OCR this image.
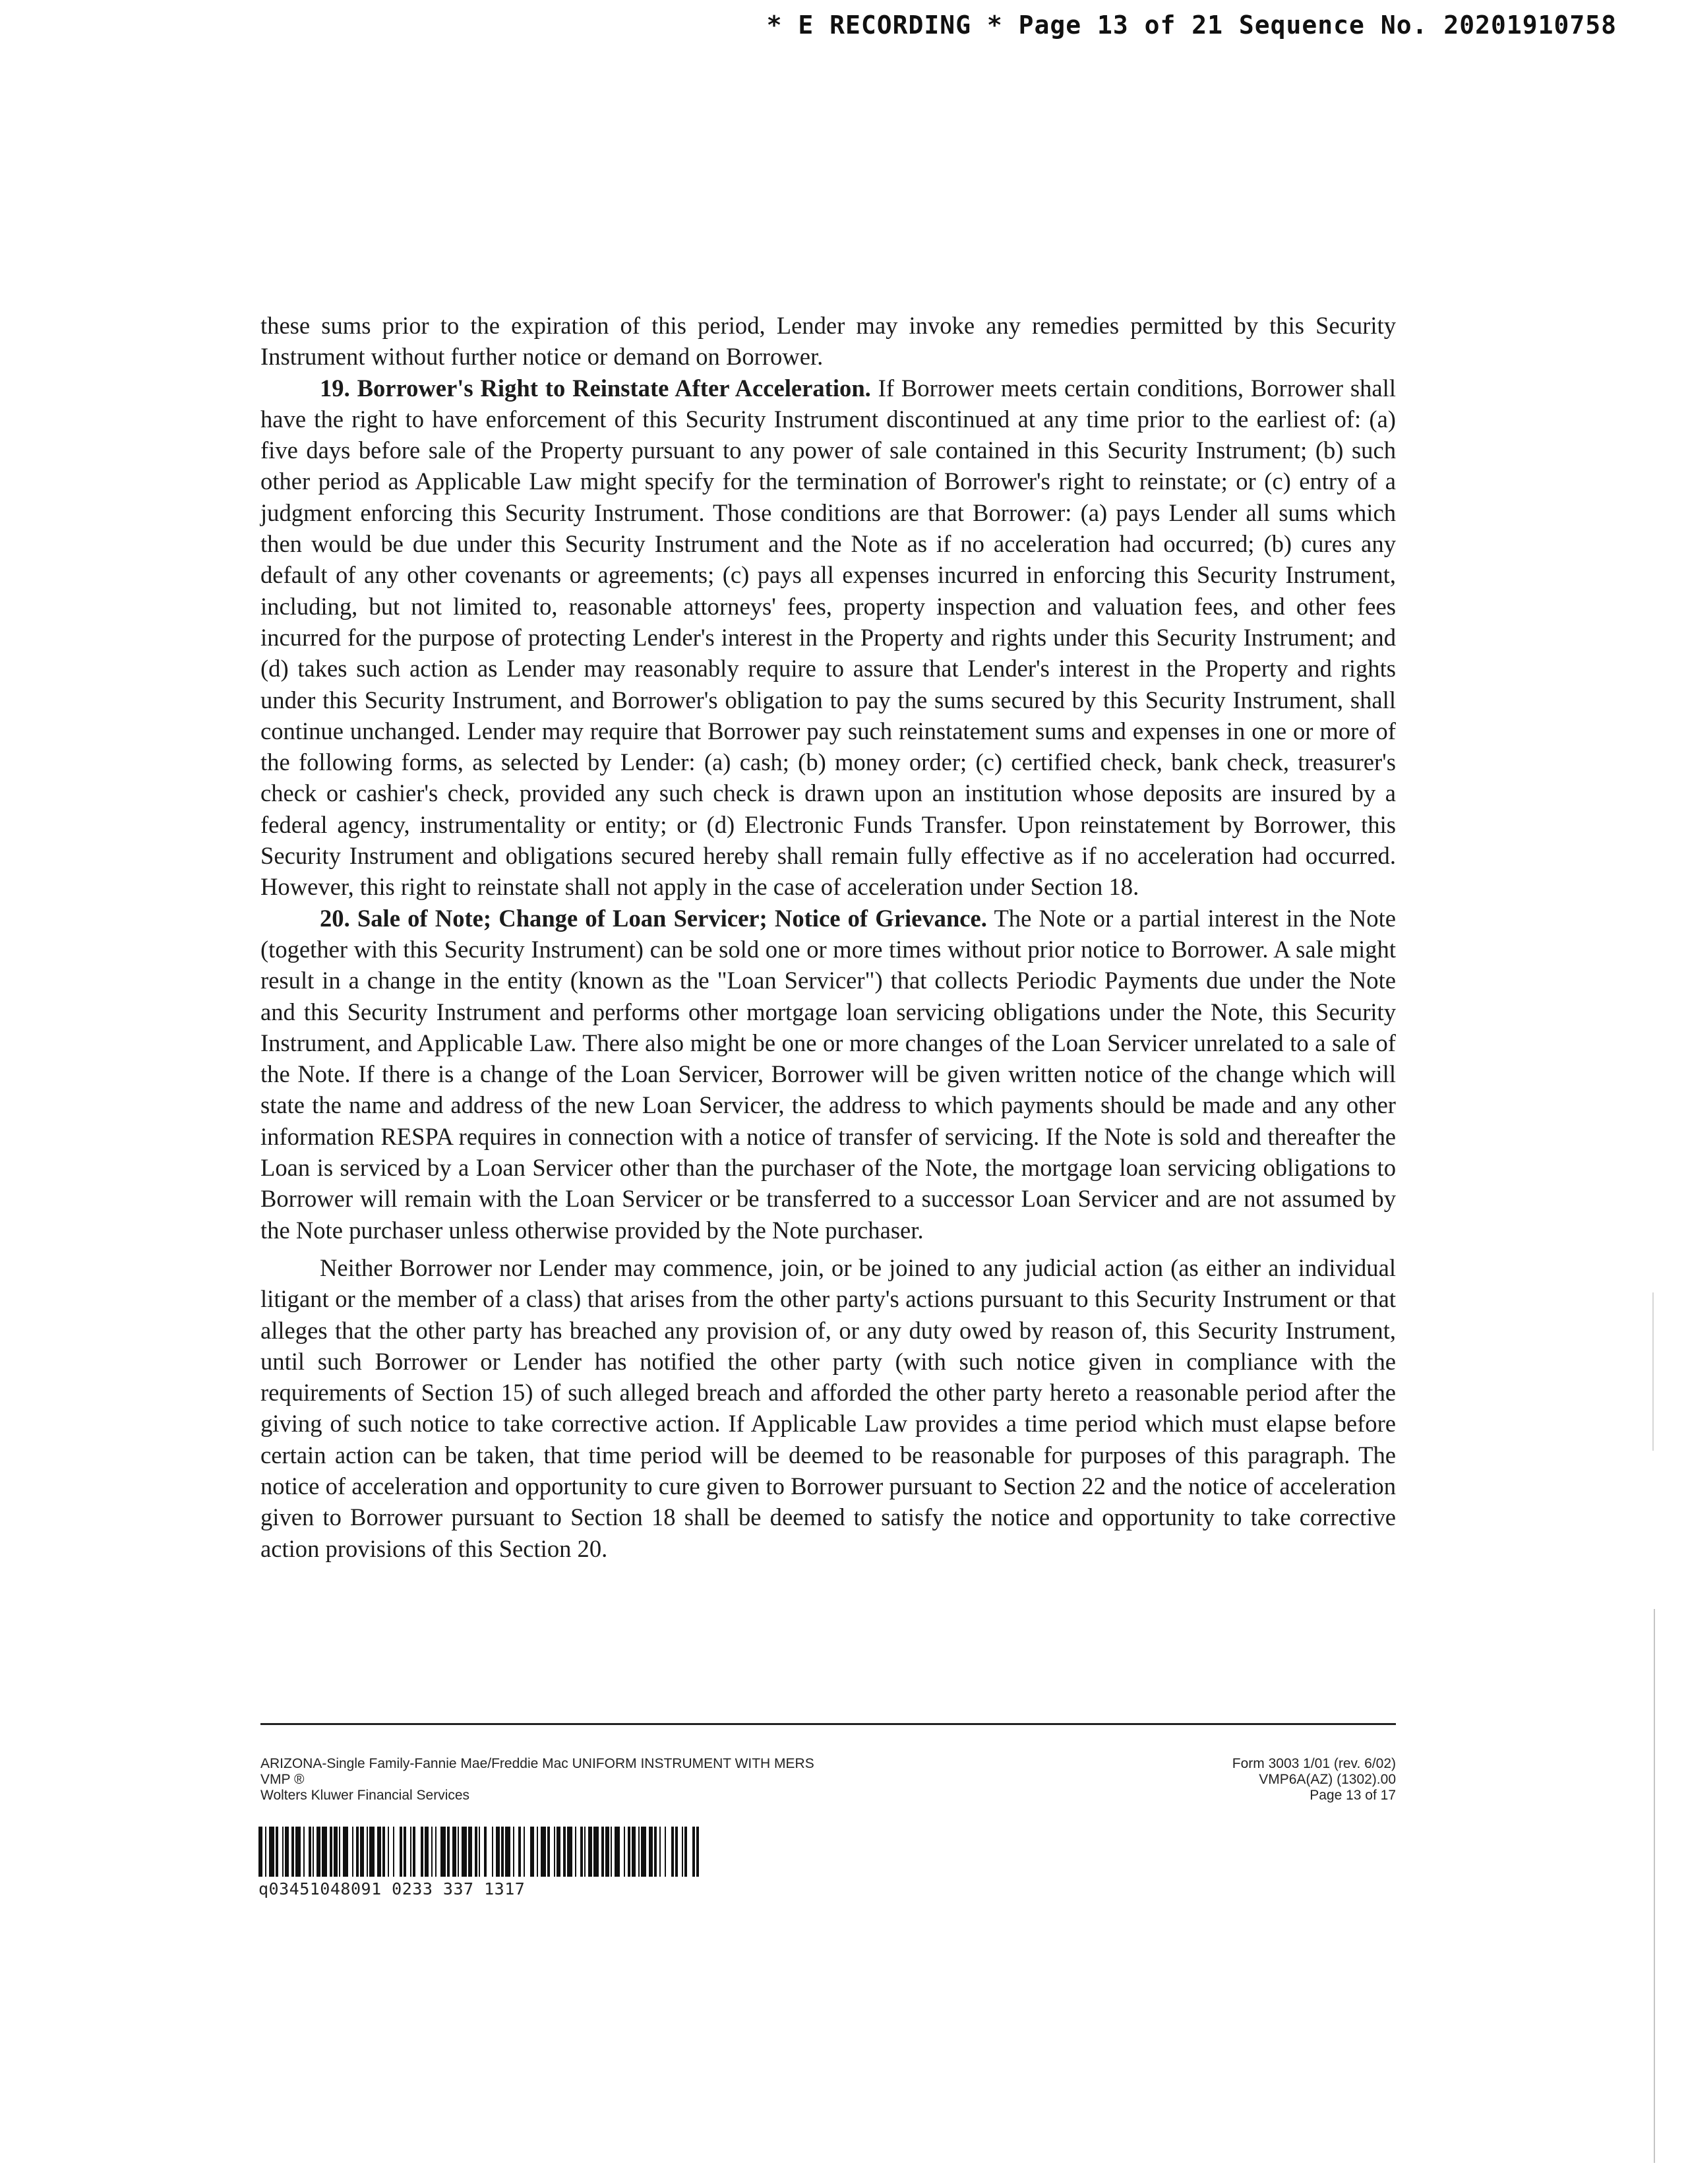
* E RECORDING * Page 13 of 21 Sequence No. 20201910758

these sums prior to the expiration of this period, Lender may invoke any remedies permitted by this Security Instrument without further notice or demand on Borrower.

19. Borrower's Right to Reinstate After Acceleration. If Borrower meets certain conditions, Borrower shall have the right to have enforcement of this Security Instrument discontinued at any time prior to the earliest of: (a) five days before sale of the Property pursuant to any power of sale contained in this Security Instrument; (b) such other period as Applicable Law might specify for the termination of Borrower's right to reinstate; or (c) entry of a judgment enforcing this Security Instrument. Those conditions are that Borrower: (a) pays Lender all sums which then would be due under this Security Instrument and the Note as if no acceleration had occurred; (b) cures any default of any other covenants or agreements; (c) pays all expenses incurred in enforcing this Security Instrument, including, but not limited to, reasonable attorneys' fees, property inspection and valuation fees, and other fees incurred for the purpose of protecting Lender's interest in the Property and rights under this Security Instrument; and (d) takes such action as Lender may reasonably require to assure that Lender's interest in the Property and rights under this Security Instrument, and Borrower's obligation to pay the sums secured by this Security Instrument, shall continue unchanged. Lender may require that Borrower pay such reinstatement sums and expenses in one or more of the following forms, as selected by Lender: (a) cash; (b) money order; (c) certified check, bank check, treasurer's check or cashier's check, provided any such check is drawn upon an institution whose deposits are insured by a federal agency, instrumentality or entity; or (d) Electronic Funds Transfer. Upon reinstatement by Borrower, this Security Instrument and obligations secured hereby shall remain fully effective as if no acceleration had occurred. However, this right to reinstate shall not apply in the case of acceleration under Section 18.

20. Sale of Note; Change of Loan Servicer; Notice of Grievance. The Note or a partial interest in the Note (together with this Security Instrument) can be sold one or more times without prior notice to Borrower. A sale might result in a change in the entity (known as the "Loan Servicer") that collects Periodic Payments due under the Note and this Security Instrument and performs other mortgage loan servicing obligations under the Note, this Security Instrument, and Applicable Law. There also might be one or more changes of the Loan Servicer unrelated to a sale of the Note. If there is a change of the Loan Servicer, Borrower will be given written notice of the change which will state the name and address of the new Loan Servicer, the address to which payments should be made and any other information RESPA requires in connection with a notice of transfer of servicing. If the Note is sold and thereafter the Loan is serviced by a Loan Servicer other than the purchaser of the Note, the mortgage loan servicing obligations to Borrower will remain with the Loan Servicer or be transferred to a successor Loan Servicer and are not assumed by the Note purchaser unless otherwise provided by the Note purchaser.

Neither Borrower nor Lender may commence, join, or be joined to any judicial action (as either an individual litigant or the member of a class) that arises from the other party's actions pursuant to this Security Instrument or that alleges that the other party has breached any provision of, or any duty owed by reason of, this Security Instrument, until such Borrower or Lender has notified the other party (with such notice given in compliance with the requirements of Section 15) of such alleged breach and afforded the other party hereto a reasonable period after the giving of such notice to take corrective action. If Applicable Law provides a time period which must elapse before certain action can be taken, that time period will be deemed to be reasonable for purposes of this paragraph. The notice of acceleration and opportunity to cure given to Borrower pursuant to Section 22 and the notice of acceleration given to Borrower pursuant to Section 18 shall be deemed to satisfy the notice and opportunity to take corrective action provisions of this Section 20.

ARIZONA-Single Family-Fannie Mae/Freddie Mac UNIFORM INSTRUMENT WITH MERS
VMP ®
Wolters Kluwer Financial Services
Form 3003 1/01 (rev. 6/02)
VMP6A(AZ) (1302).00
Page 13 of 17
q03451048091 0233 337 1317
